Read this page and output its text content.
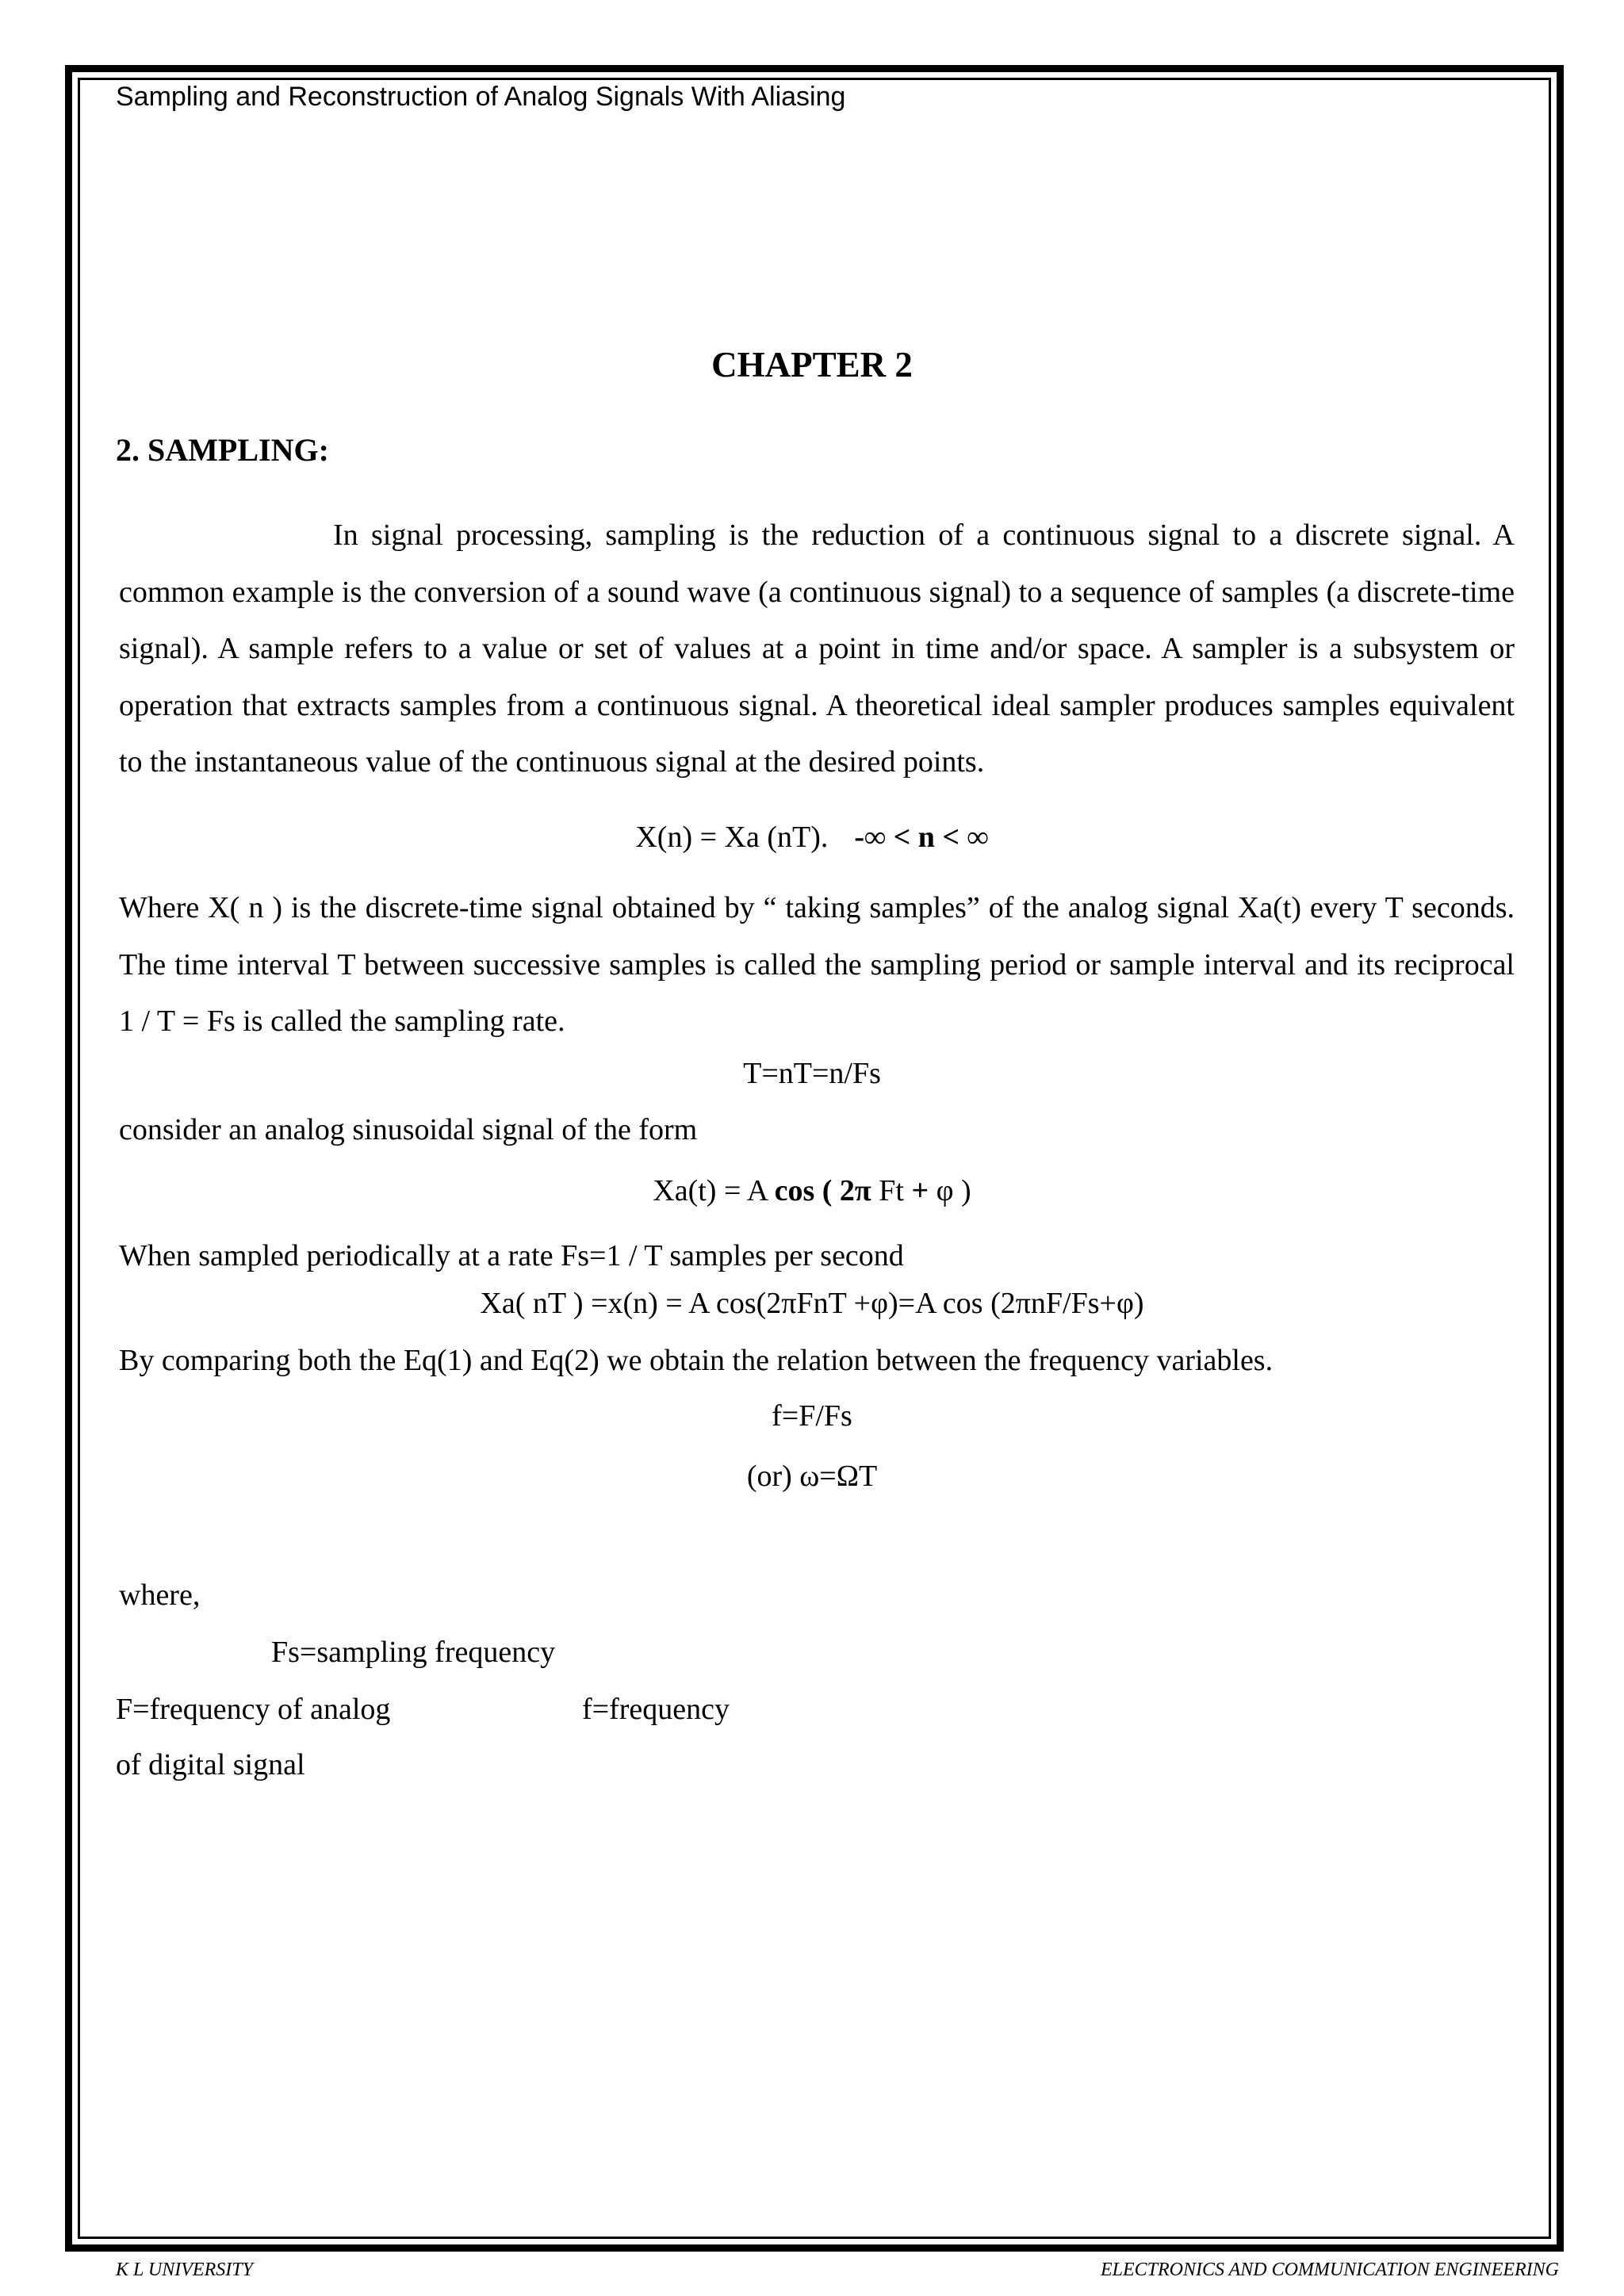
Sampling and Reconstruction of Analog Signals With Aliasing
CHAPTER 2
2. SAMPLING:

In signal processing, sampling is the reduction of a continuous signal to a discrete signal. A common example is the conversion of a sound wave (a continuous signal) to a sequence of samples (a discrete-time signal). A sample refers to a value or set of values at a point in time and/or space. A sampler is a subsystem or operation that extracts samples from a continuous signal. A theoretical ideal sampler produces samples equivalent to the instantaneous value of the continuous signal at the desired points.

X(n) = Xa (nT). -∞ < n < ∞

Where X( n ) is the discrete-time signal obtained by “ taking samples” of the analog signal Xa(t) every T seconds. The time interval T between successive samples is called the sampling period or sample interval and its reciprocal 1 / T = Fs is called the sampling rate.

T=nT=n/Fs
consider an analog sinusoidal signal of the form
Xa(t) = A cos ( 2π Ft + φ )
When sampled periodically at a rate Fs=1 / T samples per second
Xa( nT ) =x(n) = A cos(2πFnT +φ)=A cos (2πnF/Fs+φ)
By comparing both the Eq(1) and Eq(2) we obtain the relation between the frequency variables.
f=F/Fs
(or) ω=ΩT
where,
Fs=sampling frequency
F=frequency of analog	f=frequency
of digital signal
K L UNIVERSITY	ELECTRONICS AND COMMUNICATION ENGINEERING
